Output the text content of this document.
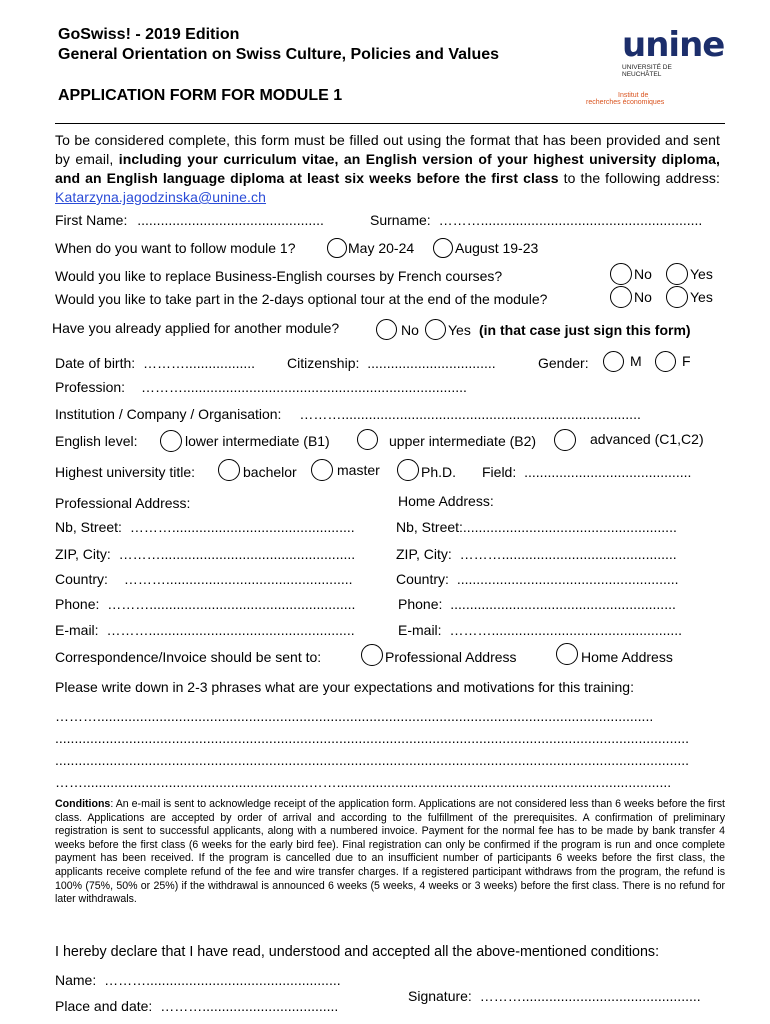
GoSwiss! - 2019 Edition
General Orientation on Swiss Culture, Policies and Values
APPLICATION FORM FOR MODULE 1
unine
UNIVERSITÉ DE
NEUCHÂTEL
Institut de
recherches économiques
To be considered complete, this form must be filled out using the format that has been provided and sent by email, including your curriculum vitae, an English version of your highest university diploma, and an English language diploma at least six weeks before the first class to the following address: Katarzyna.jagodzinska@unine.ch
First Name: ................................................	Surname: ……….........................................................
When do you want to follow module 1?	May 20-24	August 19-23
Would you like to replace Business-English courses by French courses?	No	Yes
Would you like to take part in the 2-days optional tour at the end of the module?	No	Yes
Have you already applied for another module?	No Yes (in that case just sign this form)
Date of birth: ……….................. Citizenship: .................................	Gender:	M	F
Profession: ……….........................................................................
Institution / Company / Organisation: ……….............................................................................
English level:	lower intermediate (B1)	upper intermediate (B2)	advanced (C1,C2)
Highest university title:	bachelor	master	Ph.D. Field: ...........................................
Professional Address:	Home Address:
Nb, Street: ………...............................................	Nb, Street:.......................................................
ZIP, City: ………..................................................	ZIP, City: ……….............................................
Country: ………................................................	Country: .........................................................
Phone: ……….....................................................	Phone: ..........................................................
E-mail: ……….....................................................	E-mail: ……….................................................
Correspondence/Invoice should be sent to:	Professional Address	Home Address
Please write down in 2-3 phrases what are your expectations and motivations for this training:
………...............................................................................................................................................
...................................................................................................................................................................
...................................................................................................................................................................
……..........................................................……......................................................................................
Conditions: An e-mail is sent to acknowledge receipt of the application form. Applications are not considered less than 6 weeks before the first class. Applications are accepted by order of arrival and according to the fulfillment of the prerequisites. A confirmation of preliminary registration is sent to successful applicants, along with a numbered invoice. Payment for the normal fee has to be made by bank transfer 4 weeks before the first class (6 weeks for the early bird fee). Final registration can only be confirmed if the program is run and once complete payment has been received. If the program is cancelled due to an insufficient number of participants 6 weeks before the first class, the applicants receive complete refund of the fee and wire transfer charges. If a registered participant withdraws from the program, the refund is 100% (75%, 50% or 25%) if the withdrawal is announced 6 weeks (5 weeks, 4 weeks or 3 weeks) before the first class. There is no refund for later withdrawals.
I hereby declare that I have read, understood and accepted all the above-mentioned conditions:
Name: ………..................................................
Signature: ………..............................................
Place and date: ………...................................
